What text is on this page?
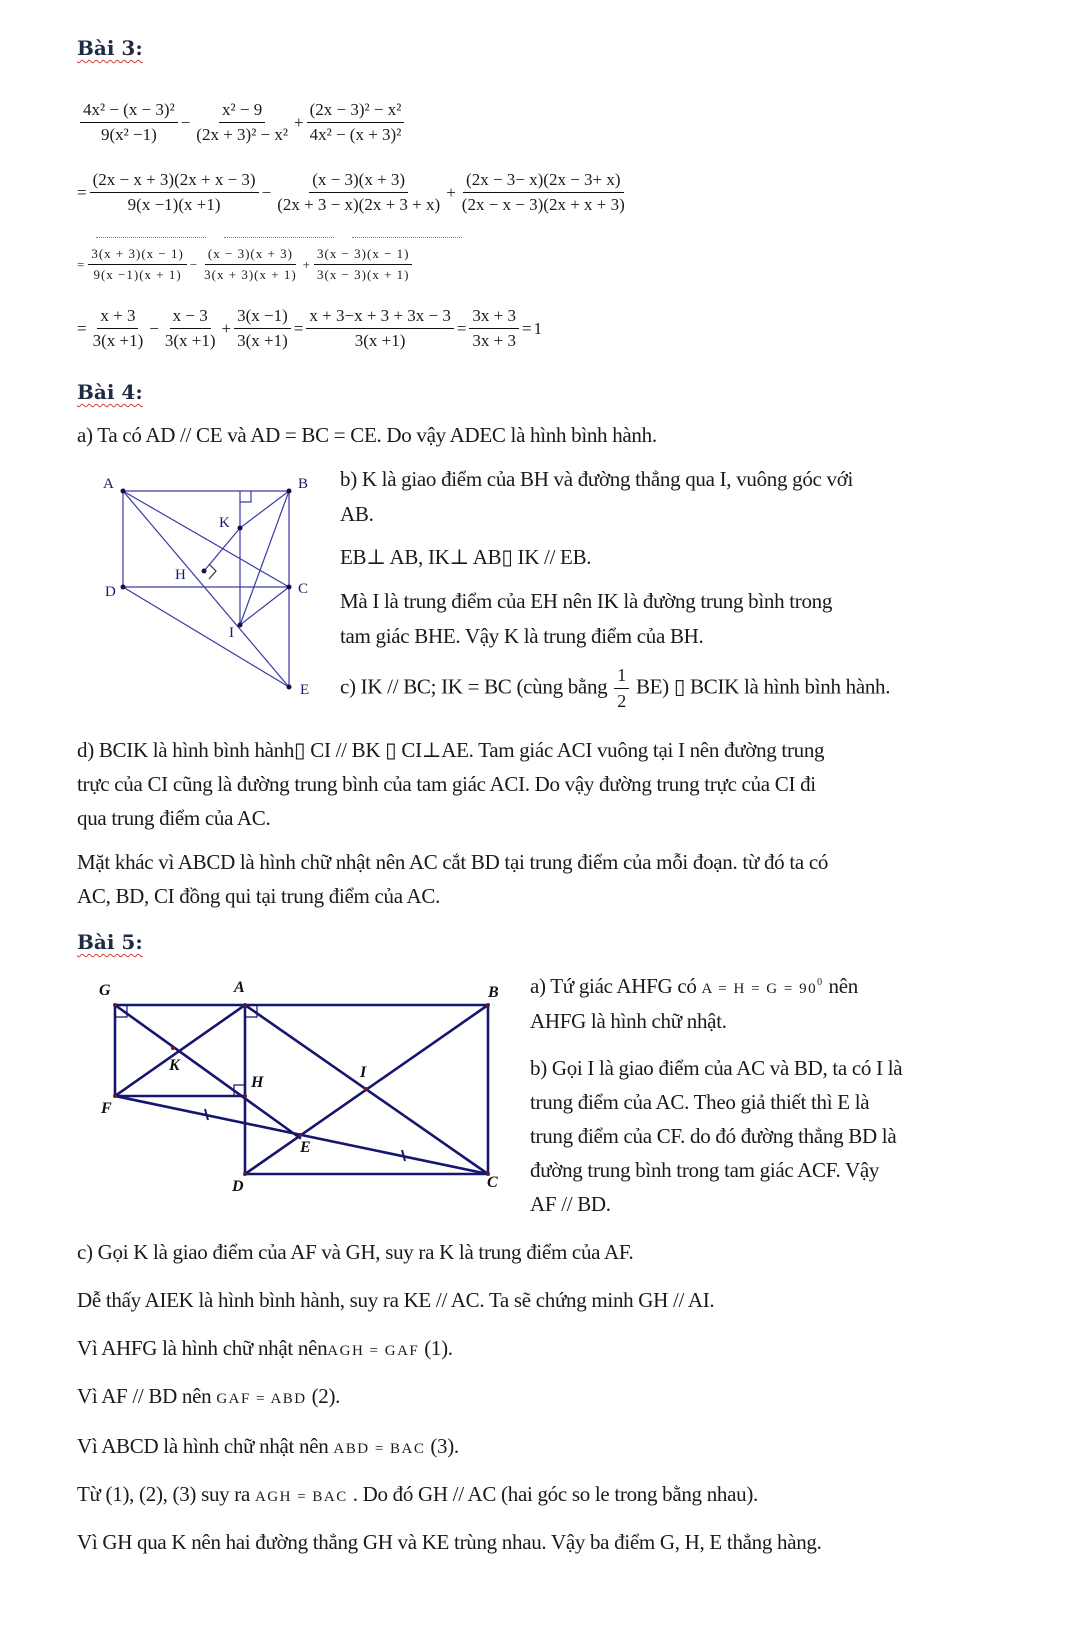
Bài 3:
$\frac{\text{4x² − (x − 3)²}}{\text{9(x² −1)}} - \frac{\text{x² − 9}}{\text{(2x + 3)² − x²}} + \frac{\text{(2x − 3)² − x²}}{\text{4x² − (x + 3)²}}$
= $\frac{(2x - x + 3)(2x + x - 3)}{9(x -1)(x +1)} - \frac{(x - 3)(x + 3)}{(2x + 3 - x)(2x + 3 + x)} + \frac{(2x - 3- x)(2x - 3+ x)}{(2x - x - 3)(2x + x + 3)}$
= $\frac{3(x + 3)(x - 1)}{9(x -1)(x + 1)} - \frac{(x - 3)(x + 3)}{3(x + 3)(x + 1)} + \frac{3(x - 3)(x - 1)}{3(x - 3)(x + 1)}$
= $\frac{x + 3}{3(x +1)} - \frac{x - 3}{3(x +1)} + \frac{3(x -1)}{3(x +1)} = \frac{x + 3-x + 3 + 3x - 3}{3(x +1)} = \frac{3x + 3}{3x + 3} = 1$
Bài 4:
a) Ta có AD // CE và AD = BC = CE. Do vậy ADEC là hình bình hành.
A	B
K
H
D	C
I
E
b) K là giao điểm của BH và đường thẳng qua I, vuông góc với
AB.
EB⊥ AB, IK⊥ AB▯ IK // EB.
Mà I là trung điểm của EH nên IK là đường trung bình trong
tam giác BHE. Vậy K là trung điểm của BH.
c) IK // BC; IK = BC (cùng bằng $\frac{1}{2} BE$) ▯ BCIK là hình bình hành.
d) BCIK là hình bình hành▯ CI // BK ▯ CI⊥AE. Tam giác ACI vuông tại I nên đường trung
trực của CI cũng là đường trung bình của tam giác ACI. Do vậy đường trung trực của CI đi
qua trung điểm của AC.
Mặt khác vì ABCD là hình chữ nhật nên AC cắt BD tại trung điểm của mỗi đoạn. từ đó ta có
AC, BD, CI đồng qui tại trung điểm của AC.
Bài 5:
G	A	B
K
H
I
F
E
D	C
a) Tứ giác AHFG có $A = H = G = 90^0$ nên
AHFG là hình chữ nhật.
b) Gọi I là giao điểm của AC và BD, ta có I là
trung điểm của AC. Theo giả thiết thì E là
trung điểm của CF. do đó đường thẳng BD là
đường trung bình trong tam giác ACF. Vậy
AF // BD.
c) Gọi K là giao điểm của AF và GH, suy ra K là trung điểm của AF.
Dễ thấy AIEK là hình bình hành, suy ra KE // AC. Ta sẽ chứng minh GH // AI.
Vì AHFG là hình chữ nhật nênAGH = GAF (1).
Vì AF // BD nên GAF = ABD (2).
Vì ABCD là hình chữ nhật nên ABD = BAC (3).
Từ (1), (2), (3) suy ra AGH = BAC . Do đó GH // AC (hai góc so le trong bằng nhau).
Vì GH qua K nên hai đường thẳng GH và KE trùng nhau. Vậy ba điểm G, H, E thẳng hàng.
